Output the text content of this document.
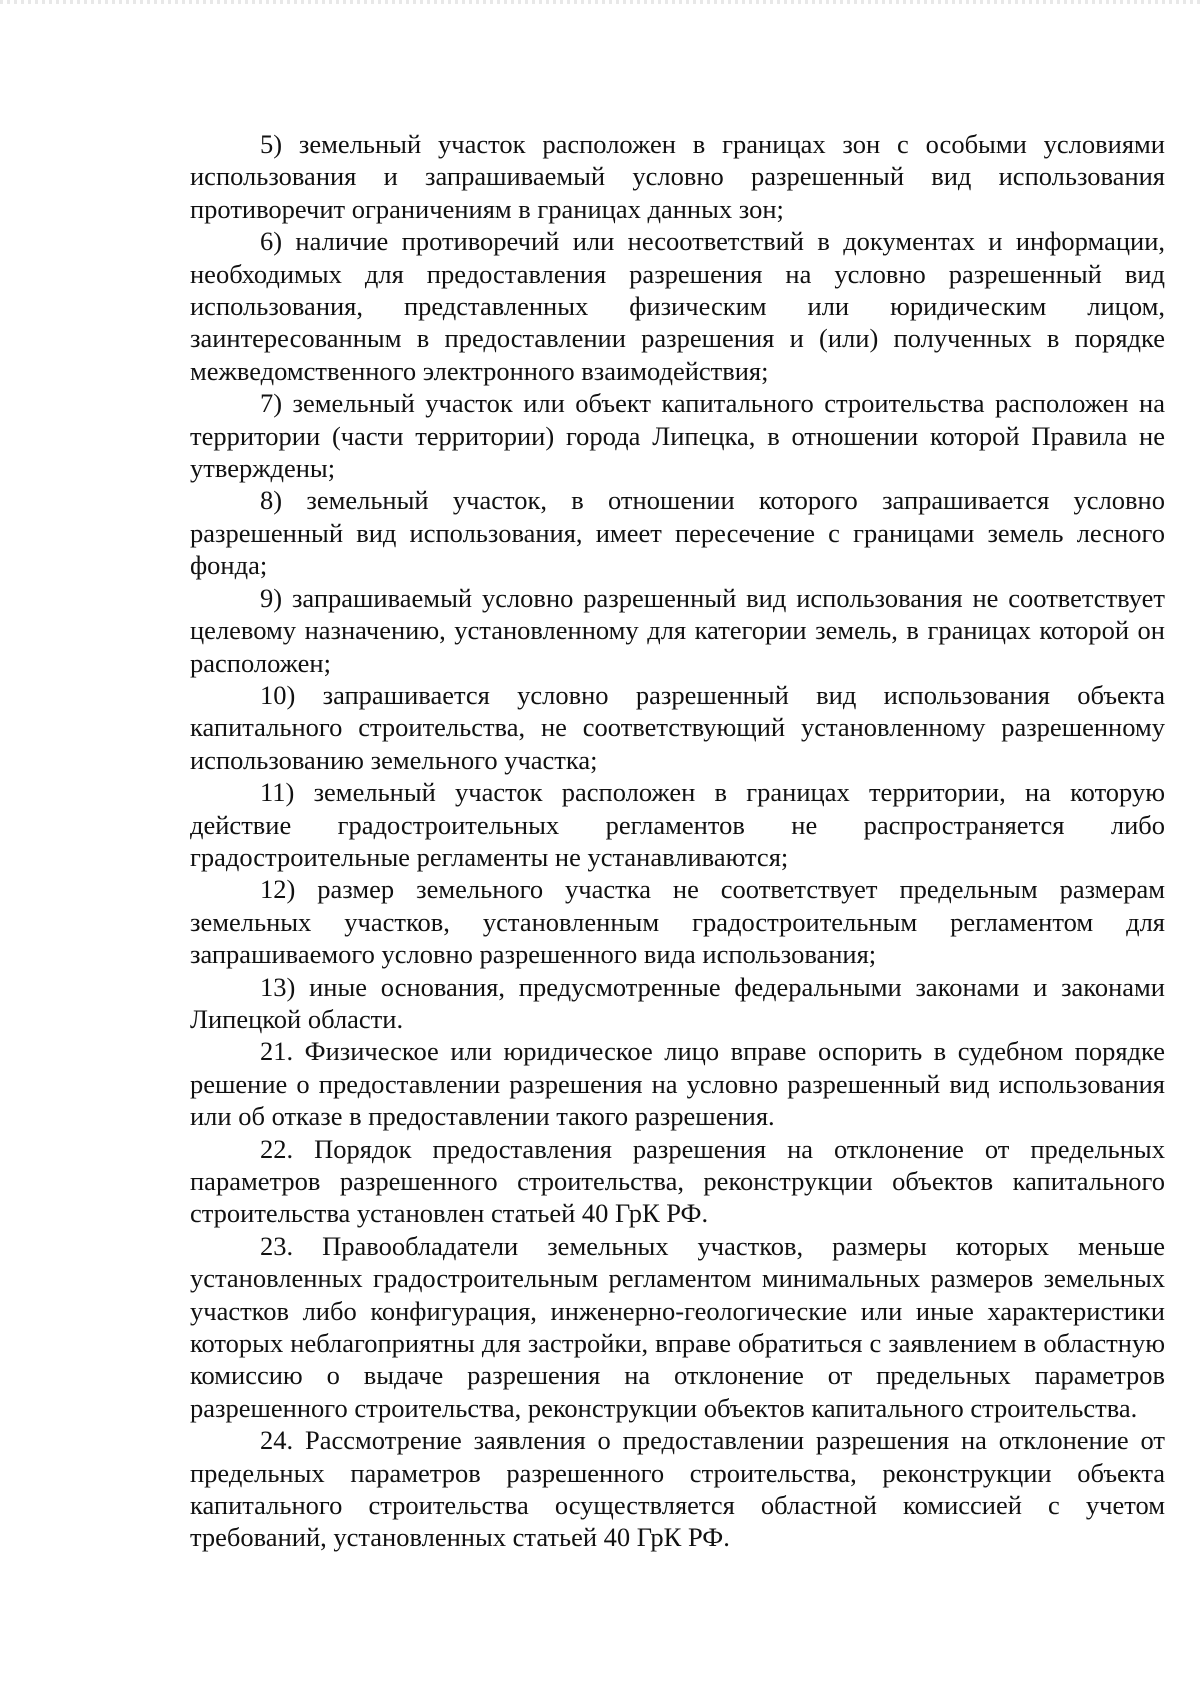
5) земельный участок расположен в границах зон с особыми условиями использования и запрашиваемый условно разрешенный вид использования противоречит ограничениям в границах данных зон;

6) наличие противоречий или несоответствий в документах и информации, необходимых для предоставления разрешения на условно разрешенный вид использования, представленных физическим или юридическим лицом, заинтересованным в предоставлении разрешения и (или) полученных в порядке межведомственного электронного взаимодействия;

7) земельный участок или объект капитального строительства расположен на территории (части территории) города Липецка, в отношении которой Правила не утверждены;

8) земельный участок, в отношении которого запрашивается условно разрешенный вид использования, имеет пересечение с границами земель лесного фонда;

9) запрашиваемый условно разрешенный вид использования не соответствует целевому назначению, установленному для категории земель, в границах которой он расположен;

10) запрашивается условно разрешенный вид использования объекта капитального строительства, не соответствующий установленному разрешенному использованию земельного участка;

11) земельный участок расположен в границах территории, на которую действие градостроительных регламентов не распространяется либо градостроительные регламенты не устанавливаются;

12) размер земельного участка не соответствует предельным размерам земельных участков, установленным градостроительным регламентом для запрашиваемого условно разрешенного вида использования;

13) иные основания, предусмотренные федеральными законами и законами Липецкой области.

21. Физическое или юридическое лицо вправе оспорить в судебном порядке решение о предоставлении разрешения на условно разрешенный вид использования или об отказе в предоставлении такого разрешения.

22. Порядок предоставления разрешения на отклонение от предельных параметров разрешенного строительства, реконструкции объектов капитального строительства установлен статьей 40 ГрК РФ.

23. Правообладатели земельных участков, размеры которых меньше установленных градостроительным регламентом минимальных размеров земельных участков либо конфигурация, инженерно-геологические или иные характеристики которых неблагоприятны для застройки, вправе обратиться с заявлением в областную комиссию о выдаче разрешения на отклонение от предельных параметров разрешенного строительства, реконструкции объектов капитального строительства.

24. Рассмотрение заявления о предоставлении разрешения на отклонение от предельных параметров разрешенного строительства, реконструкции объекта капитального строительства осуществляется областной комиссией с учетом требований, установленных статьей 40 ГрК РФ.
